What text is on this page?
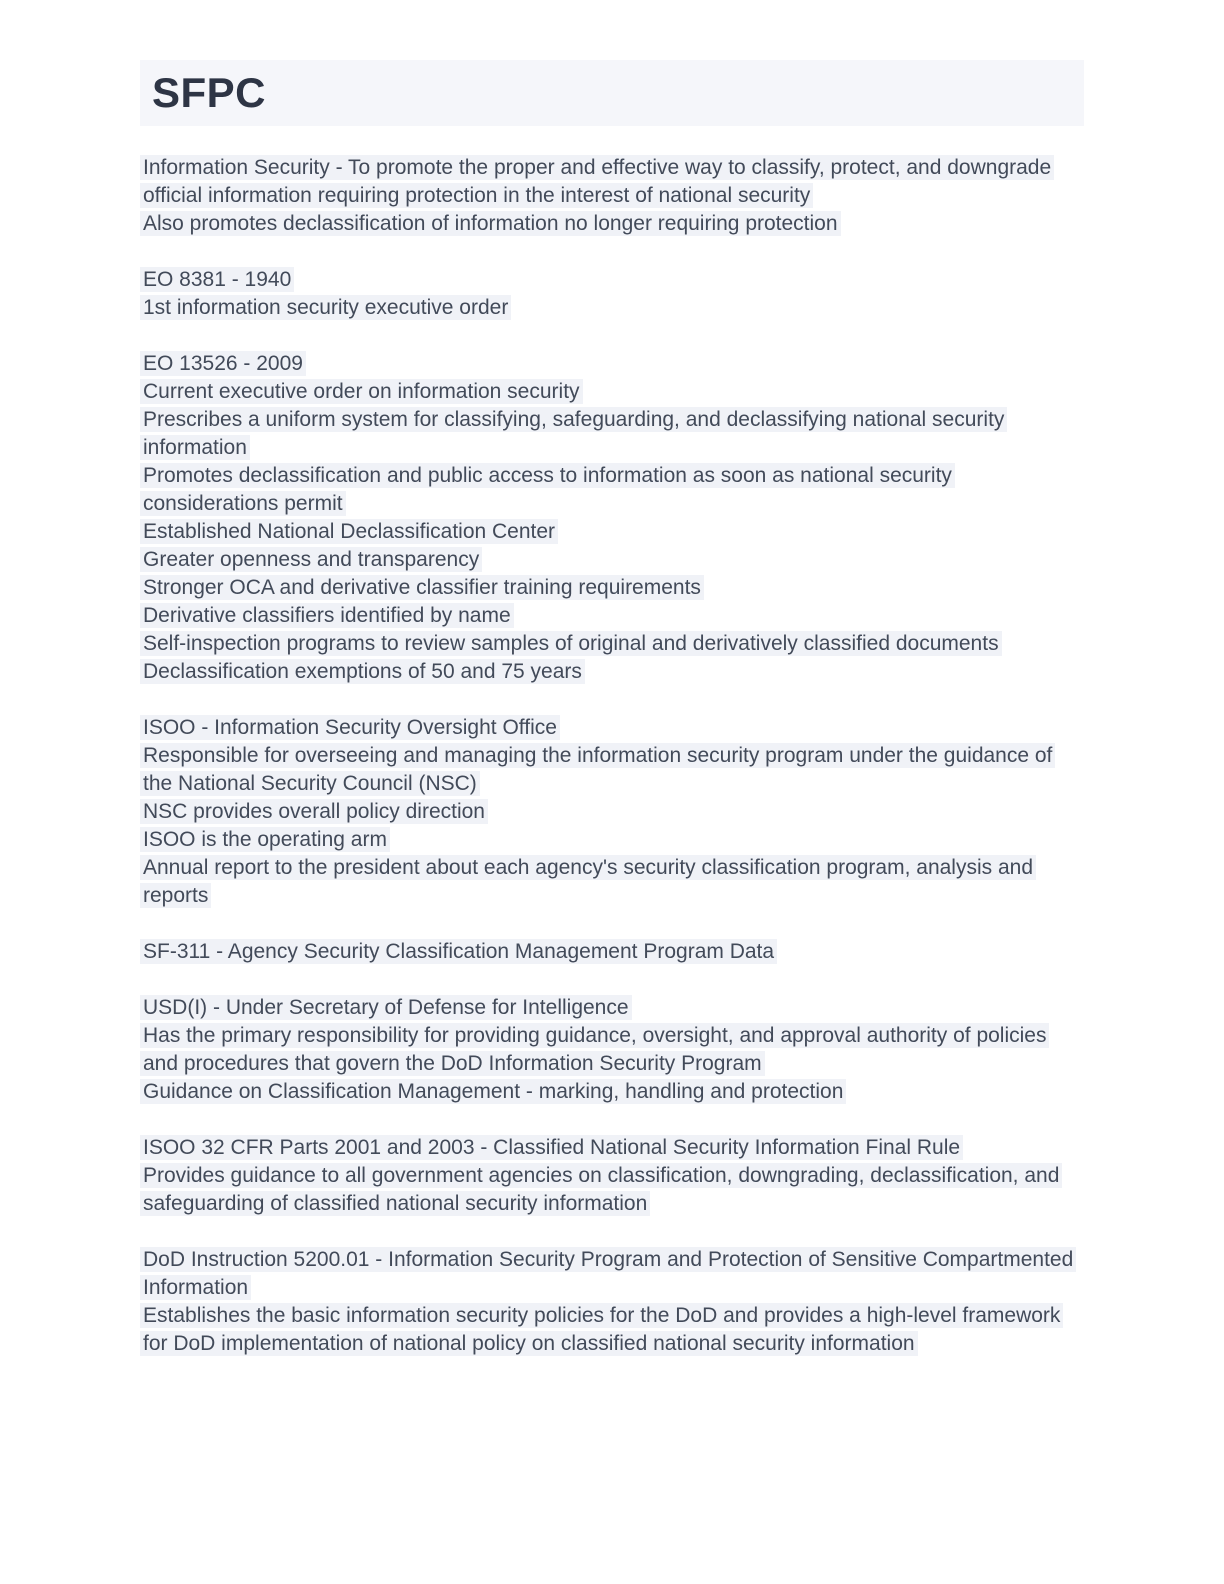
SFPC
Information Security - To promote the proper and effective way to classify, protect, and downgrade official information requiring protection in the interest of national security
Also promotes declassification of information no longer requiring protection
EO 8381 - 1940
1st information security executive order
EO 13526 - 2009
Current executive order on information security
Prescribes a uniform system for classifying, safeguarding, and declassifying national security information
Promotes declassification and public access to information as soon as national security considerations permit
Established National Declassification Center
Greater openness and transparency
Stronger OCA and derivative classifier training requirements
Derivative classifiers identified by name
Self-inspection programs to review samples of original and derivatively classified documents
Declassification exemptions of 50 and 75 years
ISOO - Information Security Oversight Office
Responsible for overseeing and managing the information security program under the guidance of the National Security Council (NSC)
NSC provides overall policy direction
ISOO is the operating arm
Annual report to the president about each agency's security classification program, analysis and reports
SF-311 - Agency Security Classification Management Program Data
USD(I) - Under Secretary of Defense for Intelligence
Has the primary responsibility for providing guidance, oversight, and approval authority of policies and procedures that govern the DoD Information Security Program
Guidance on Classification Management - marking, handling and protection
ISOO 32 CFR Parts 2001 and 2003 - Classified National Security Information Final Rule
Provides guidance to all government agencies on classification, downgrading, declassification, and safeguarding of classified national security information
DoD Instruction 5200.01 - Information Security Program and Protection of Sensitive Compartmented Information
Establishes the basic information security policies for the DoD and provides a high-level framework for DoD implementation of national policy on classified national security information
